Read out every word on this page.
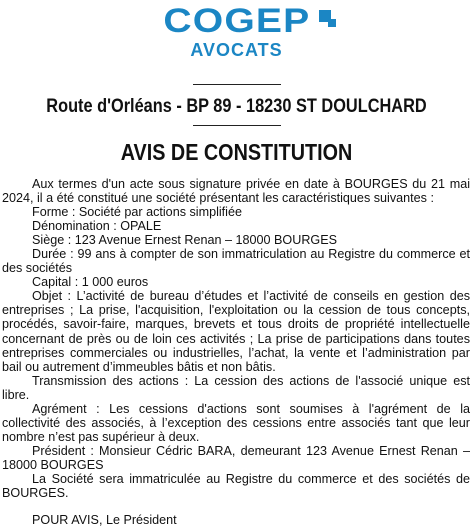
COGEP
AVOCATS
Route d'Orléans - BP 89 - 18230 ST DOULCHARD
AVIS DE CONSTITUTION

Aux termes d'un acte sous signature privée en date à BOURGES du 21 mai 2024, il a été constitué une société présentant les caractéristiques suivantes :

Forme : Société par actions simplifiée

Dénomination : OPALE

Siège : 123 Avenue Ernest Renan – 18000 BOURGES

Durée : 99 ans à compter de son immatriculation au Registre du commerce et des sociétés

Capital : 1 000 euros

Objet : L’activité de bureau d’études et l’activité de conseils en gestion des entreprises ; La prise, l'acquisition, l'exploitation ou la cession de tous concepts, procédés, savoir-faire, marques, brevets et tous droits de propriété intellectuelle concernant de près ou de loin ces activités ; La prise de participations dans toutes entreprises commerciales ou industrielles, l’achat, la vente et l’administration par bail ou autrement d’immeubles bâtis et non bâtis.

Transmission des actions : La cession des actions de l'associé unique est libre.

Agrément : Les cessions d'actions sont soumises à l'agrément de la collectivité des associés, à l’exception des cessions entre associés tant que leur nombre n’est pas supérieur à deux.

Président : Monsieur Cédric BARA, demeurant 123 Avenue Ernest Renan – 18000 BOURGES

La Société sera immatriculée au Registre du commerce et des sociétés de BOURGES.

POUR AVIS, Le Président
